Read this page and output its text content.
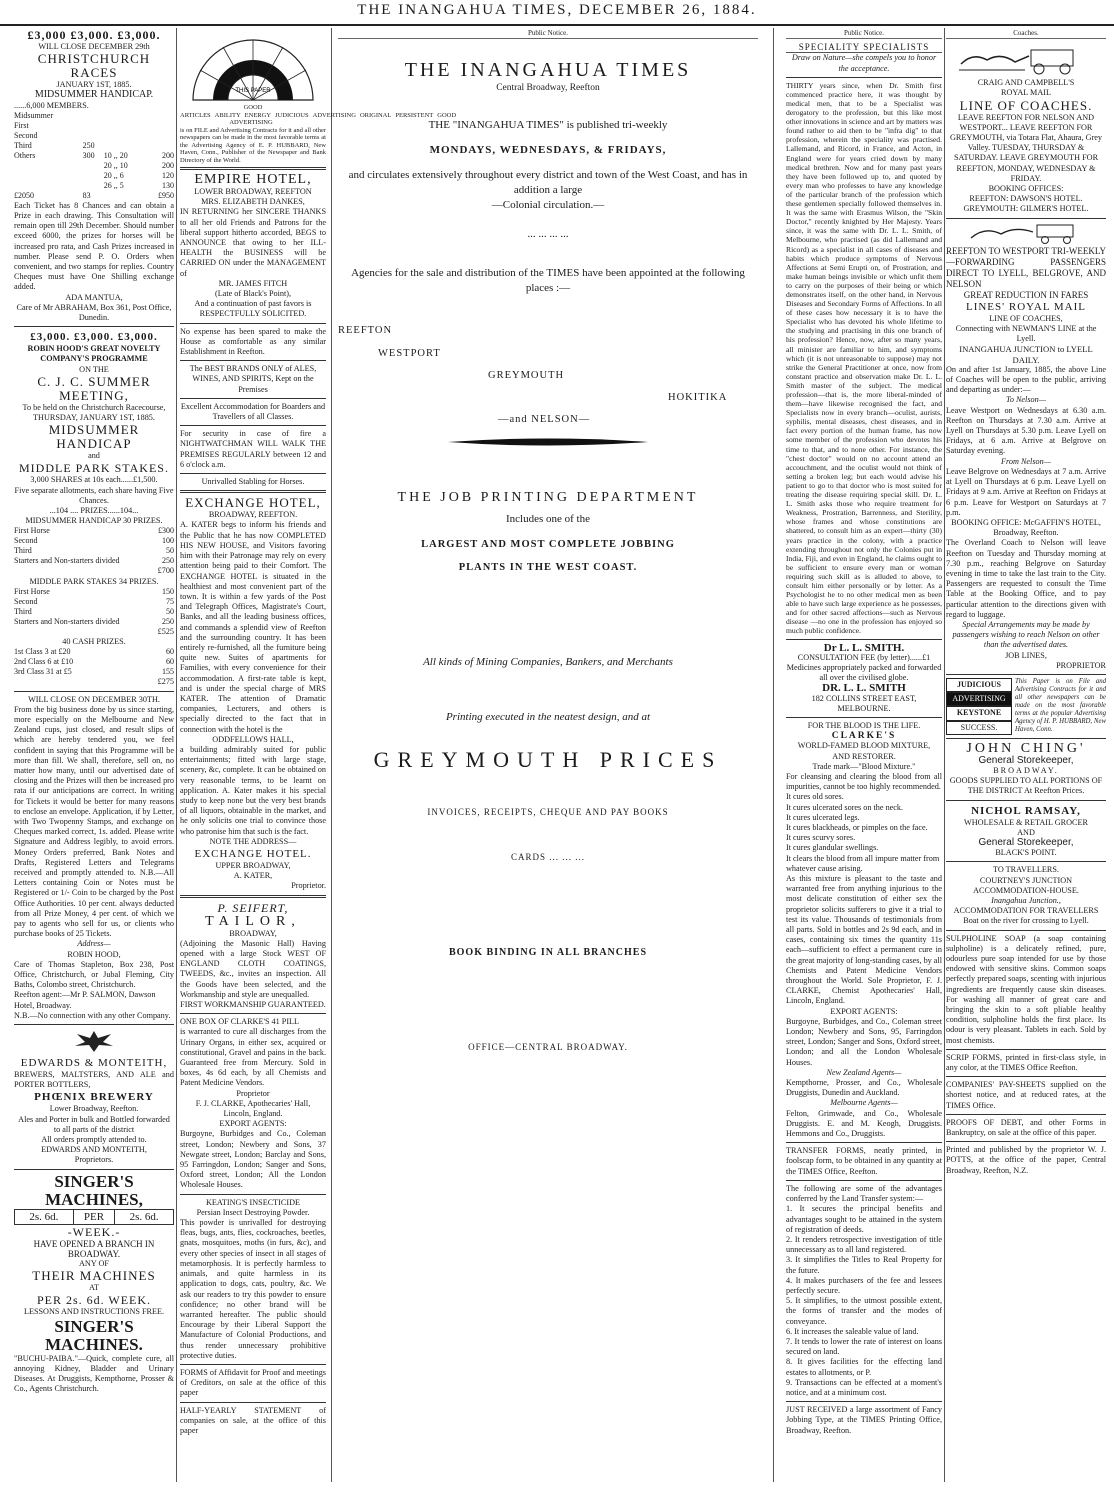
THE INANGAHUA TIMES, DECEMBER 26, 1884.
£3,000 £3,000. £3,000.
WILL CLOSE DECEMBER 29th
CHRISTCHURCH RACES
JANUARY 1ST, 1885.
MIDSUMMER HANDICAP.
......6,000 MEMBERS.
Midsummer			
First			
Second			
Third	250		
Others	300	10 ,, 20	200
		20 ,, 10	200
		20 ,, 6	120
		26 ,, 5	130
£2050	83		£950
Each Ticket has 8 Chances and can obtain a Prize in each drawing. This Consultation will remain open till 29th December. Should number exceed 6000, the prizes for horses will be increased pro rata, and Cash Prizes increased in number. Please send P. O. Orders when convenient, and two stamps for replies. Country Cheques must have One Shilling exchange added.
ADA MANTUA,
Care of Mr ABRAHAM, Box 361, Post Office, Dunedin.
£3,000. £3,000. £3,000.
ROBIN HOOD'S GREAT NOVELTY COMPANY'S PROGRAMME
ON THE
C. J. C. SUMMER MEETING,
To be held on the Christchurch Racecourse,
THURSDAY, JANUARY 1ST, 1885.
MIDSUMMER HANDICAP
and
MIDDLE PARK STAKES.
3,000 SHARES at 10s each......£1,500.
Five separate allotments, each share having Five Chances.
...104 .... PRIZES......104...
MIDSUMMER HANDICAP 30 PRIZES.
First Horse	£300
Second	100
Third	50
Starters and Non-starters divided	250
£700
MIDDLE PARK STAKES 34 PRIZES.
First Horse	150
Second	75
Third	50
Starters and Non-starters divided	250
£525
40 CASH PRIZES.
1st Class 3 at £20	60
2nd Class 6 at £10	60
3rd Class 31 at £5	155
£275
WILL CLOSE ON DECEMBER 30TH.
From the big business done by us since starting, more especially on the Melbourne and New Zealand cups, just closed, and result slips of which are hereby tendered you, we feel confident in saying that this Programme will be more than fill. We shall, therefore, sell on, no matter how many, until our advertised date of closing and the Prizes will then be increased pro rata if our anticipations are correct. In writing for Tickets it would be better for many reasons to enclose an envelope. Application, if by Letter, with Two Twopenny Stamps, and exchange on Cheques marked correct, 1s. added. Please write Signature and Address legibly, to avoid errors. Money Orders preferred, Bank Notes and Drafts, Registered Letters and Telegrams received and promptly attended to. N.B.—All Letters containing Coin or Notes must be Registered or 1/- Coin to be charged by the Post Office Authorities. 10 per cent. always deducted from all Prize Money, 4 per cent. of which we pay to agents who sell for us, or clients who purchase books of 25 Tickets.
Address—
ROBIN HOOD,
Care of Thomas Stapleton, Box 238, Post Office, Christchurch, or Jubal Fleming, City Baths, Colombo street, Christchurch.
Reefton agent:—Mr P. SALMON, Dawson Hotel, Broadway.
N.B.—No connection with any other Company.
EDWARDS & MONTEITH,
BREWERS, MALTSTERS, AND ALE and PORTER BOTTLERS,
PHŒNIX BREWERY
Lower Broadway, Reefton.
Ales and Porter in bulk and Bottled forwarded to all parts of the district
All orders promptly attended to.
EDWARDS AND MONTEITH,
Proprietors.
SINGER'S MACHINES,
2s. 6d.	PER	2s. 6d.
-WEEK.-
HAVE OPENED A BRANCH IN BROADWAY.
ANY OF
THEIR MACHINES
AT
PER 2s. 6d. WEEK.
LESSONS AND INSTRUCTIONS FREE.
SINGER'S MACHINES.
"BUCHU-PAIBA."—Quick, complete cure, all annoying Kidney, Bladder and Urinary Diseases. At Druggists, Kempthorne, Prosser & Co., Agents Christchurch.
THIS PAPER
GOOD ARTICLES ABILITY ENERGY JUDICIOUS ADVERTISING ORIGINAL PERSISTENT GOOD ADVERTISING
is on FILE and Advertising Contracts for it and all other newspapers can be made in the most favorable terms at the Advertising Agency of E. P. HUBBARD, New Haven, Conn., Publisher of the Newspaper and Bank Directory of the World.
EMPIRE HOTEL,
LOWER BROADWAY, REEFTON
MRS. ELIZABETH DANKES,
IN RETURNING her SINCERE THANKS to all her old Friends and Patrons for the liberal support hitherto accorded, BEGS to ANNOUNCE that owing to her ILL-HEALTH the BUSINESS will be CARRIED ON under the MANAGEMENT of
MR. JAMES FITCH
(Late of Black's Point),
And a continuation of past favors is RESPECTFULLY SOLICITED.
No expense has been spared to make the House as comfortable as any similar Establishment in Reefton.
The BEST BRANDS ONLY of ALES, WINES, AND SPIRITS, Kept on the Premises
Excellent Accommodation for Boarders and Travellers of all Classes.
For security in case of fire a NIGHTWATCHMAN WILL WALK THE PREMISES REGULARLY between 12 and 6 o'clock a.m.
Unrivalled Stabling for Horses.
EXCHANGE HOTEL,
BROADWAY, REEFTON.
A. KATER begs to inform his friends and the Public that he has now COMPLETED HIS NEW HOUSE, and Visitors favoring him with their Patronage may rely on every attention being paid to their Comfort. The EXCHANGE HOTEL is situated in the healthiest and most convenient part of the town. It is within a few yards of the Post and Telegraph Offices, Magistrate's Court, Banks, and all the leading business offices, and commands a splendid view of Reefton and the surrounding country. It has been entirely re-furnished, all the furniture being quite new. Suites of apartments for Families, with every convenience for their accommodation. A first-rate table is kept, and is under the special charge of MRS KATER. The attention of Dramatic companies, Lecturers, and others is specially directed to the fact that in connection with the hotel is the
ODDFELLOWS HALL,
a building admirably suited for public entertainments; fitted with large stage, scenery, &c, complete. It can be obtained on very reasonable terms, to be learnt on application. A. Kater makes it his special study to keep none but the very best brands of all liquors, obtainable in the market, and he only solicits one trial to convince those who patronise him that such is the fact.
NOTE THE ADDRESS—
EXCHANGE HOTEL.
UPPER BROADWAY,
A. KATER,
Proprietor.
P. SEIFERT,
TAILOR,
BROADWAY,
(Adjoining the Masonic Hall) Having opened with a large Stock WEST OF ENGLAND CLOTH COATINGS, TWEEDS, &c., invites an inspection. All the Goods have been selected, and the Workmanship and style are unequalled.
FIRST WORKMANSHIP GUARANTEED.
ONE BOX OF CLARKE'S 41 PILL
is warranted to cure all discharges from the Urinary Organs, in either sex, acquired or constitutional, Gravel and pains in the back. Guaranteed free from Mercury. Sold in boxes, 4s 6d each, by all Chemists and Patent Medicine Vendors.
Proprietor
F. J. CLARKE, Apothecaries' Hall,
Lincoln, England.
EXPORT AGENTS:
Burgoyne, Burbidges and Co., Coleman street, London; Newbery and Sons, 37 Newgate street, London; Barclay and Sons, 95 Farringdon, London; Sanger and Sons, Oxford street, London; All the London Wholesale Houses.
KEATING'S INSECTICIDE
Persian Insect Destroying Powder.
This powder is unrivalled for destroying fleas, bugs, ants, flies, cockroaches, beetles, gnats, mosquitoes, moths (in furs, &c), and every other species of insect in all stages of metamorphosis. It is perfectly harmless to animals, and quite harmless in its application to dogs, cats, poultry, &c. We ask our readers to try this powder to ensure confidence; no other brand will be warranted hereafter. The public should Encourage by their Liberal Support the Manufacture of Colonial Productions, and thus render unnecessary prohibitive protective duties.
FORMS of Affidavit for Proof and meetings of Creditors, on sale at the office of this paper
HALF-YEARLY STATEMENT of companies on sale, at the office of this paper
Public Notice.
THE INANGAHUA TIMES
Central Broadway, Reefton
THE "INANGAHUA TIMES" is published tri-weekly
MONDAYS, WEDNESDAYS, & FRIDAYS,
and circulates extensively throughout every district and town of the West Coast, and has in addition a large
—Colonial circulation.—
... ... ... ...
Agencies for the sale and distribution of the TIMES have been appointed at the following places :—
REEFTON
WESTPORT
GREYMOUTH
HOKITIKA
—and NELSON—
THE JOB PRINTING DEPARTMENT
Includes one of the
LARGEST AND MOST COMPLETE JOBBING
PLANTS IN THE WEST COAST.
All kinds of Mining Companies, Bankers, and Merchants
Printing executed in the neatest design, and at
GREYMOUTH PRICES
INVOICES, RECEIPTS, CHEQUE AND PAY BOOKS
CARDS ... ... ...
BOOK BINDING IN ALL BRANCHES
OFFICE—CENTRAL BROADWAY.
Public Notice.
SPECIALITY SPECIALISTS
Draw on Nature—she compels you to honor the acceptance.
THIRTY years since, when Dr. Smith first commenced practice here, it was thought by medical men, that to be a Specialist was derogatory to the profession, but this like most other innovations in science and art by matters was found rather to aid then to be "infra dig" to that profession, wherein the speciality was practised. Lallemand, and Ricord, in France, and Acton, in England were for years cried down by many medical brethren. Now and for many past years they have been followed up to, and quoted by every man who professes to have any knowledge of the particular branch of the profession which these gentlemen specially followed themselves in. It was the same with Erasmus Wilson, the "Skin Doctor," recently knighted by Her Majesty. Years since, it was the same with Dr. L. L. Smith, of Melbourne, who practised (as did Lallemand and Ricord) as a specialist in all cases of diseases and habits which produce symptoms of Nervous Affections at Semi Erupti on, of Prostration, and make human beings invisible or which unfit them to carry on the purposes of their being or which demonstrates itself, on the other hand, in Nervous Diseases and Secondary Forms of Affections. In all of these cases how necessary it is to have the Specialist who has devoted his whole lifetime to the studying and practising in this one branch of his profession? Hence, now, after so many years, all minister are familiar to him, and symptoms which (it is not unreasonable to suppose) may not strike the General Practitioner at once, now from constant practice and observation make Dr. L. L. Smith master of the subject. The medical profession—that is, the more liberal-minded of them—have likewise recognised the fact, and Specialists now in every branch—oculist, aurists, syphilis, mental diseases, chest diseases, and in fact every portion of the human frame, has now some member of the profession who devotes his time to that, and to none other. For instance, the "chest doctor" would on no account attend an accouchment, and the oculist would not think of setting a broken leg; but each would advise his patient to go to that doctor who is most suited for treating the disease requiring special skill. Dr. L. L. Smith asks those who require treatment for Weakness, Prostration, Barrenness, and Sterility, whose frames and whose constitutions are shattered, to consult him as an expert—thirty (30) years practice in the colony, with a practice extending throughout not only the Colonies put in India, Fiji, and even in England, he claims ought to be sufficient to ensure every man or woman requiring such skill as is alluded to above, to consult him either personally or by letter. As a Psychologist he to no other medical men as been able to have such large experience as he possesses, and for other sacred affections—such as Nervous disease —no one in the profession has enjoyed so much public confidence.
Dr L. L. SMITH.
CONSULTATION FEE (by letter)......£1
Medicines appropriately packed and forwarded all over the civilised globe.
DR. L. L. SMITH
182 COLLINS STREET EAST, MELBOURNE.
FOR THE BLOOD IS THE LIFE.
CLARKE'S
WORLD-FAMED BLOOD MIXTURE,
AND RESTORER.
Trade mark—"Blood Mixture."
For cleansing and clearing the blood from all impurities, cannot be too highly recommended.
It cures old sores.
It cures ulcerated sores on the neck.
It cures ulcerated legs.
It cures blackheads, or pimples on the face.
It cures scurvy sores.
It cures glandular swellings.
It clears the blood from all impure matter from whatever cause arising.
As this mixture is pleasant to the taste and warranted free from anything injurious to the most delicate constitution of either sex the proprietor solicits sufferers to give it a trial to test its value. Thousands of testimonials from all parts. Sold in bottles and 2s 9d each, and in cases, containing six times the quantity 11s each—sufficient to effect a permanent cure in the great majority of long-standing cases, by all Chemists and Patent Medicine Vendors throughout the World. Sole Proprietor, F. J. CLARKE, Chemist Apothecaries' Hall, Lincoln, England.
EXPORT AGENTS:
Burgoyne, Burbidges, and Co., Coleman street London; Newbery and Sons, 95, Farringdon street, London; Sanger and Sons, Oxford street, London; and all the London Wholesale Houses.
New Zealand Agents—
Kempthorne, Prosser, and Co., Wholesale Druggists, Dunedin and Auckland.
Melbourne Agents—
Felton, Grimwade, and Co., Wholesale Druggists. E. and M. Keogh, Druggists. Hemmons and Co., Druggists.
TRANSFER FORMS, neatly printed, in foolscap form, to be obtained in any quantity at the TIMES Office, Reefton.
The following are some of the advantages conferred by the Land Transfer system:—
1. It secures the principal benefits and advantages sought to be attained in the system of registration of deeds.
2. It renders retrospective investigation of title unnecessary as to all land registered.
3. It simplifies the Titles to Real Property for the future.
4. It makes purchasers of the fee and lessees perfectly secure.
5. It simplifies, to the utmost possible extent, the forms of transfer and the modes of conveyance.
6. It increases the saleable value of land.
7. It tends to lower the rate of interest on loans secured on land.
8. It gives facilities for the effecting land estates to allotments, or P.
9. Transactions can be effected at a moment's notice, and at a minimum cost.
JUST RECEIVED a large assortment of Fancy Jobbing Type, at the TIMES Printing Office, Broadway, Reefton.
Coaches.
CRAIG AND CAMPBELL'S
ROYAL MAIL
LINE OF COACHES.
LEAVE REEFTON FOR NELSON AND WESTPORT... LEAVE REEFTON FOR GREYMOUTH, via Totara Flat, Ahaura, Grey Valley. TUESDAY, THURSDAY & SATURDAY. LEAVE GREYMOUTH FOR REEFTON, MONDAY, WEDNESDAY & FRIDAY.
BOOKING OFFICES:
REEFTON: DAWSON'S HOTEL. GREYMOUTH: GILMER'S HOTEL.
REEFTON TO WESTPORT TRI-WEEKLY—FORWARDING PASSENGERS DIRECT TO LYELL, BELGROVE, AND NELSON
GREAT REDUCTION IN FARES
LINES' ROYAL MAIL
LINE OF COACHES,
Connecting with NEWMAN'S LINE at the Lyell.
INANGAHUA JUNCTION to LYELL DAILY.
On and after 1st January, 1885, the above Line of Coaches will be open to the public, arriving and departing as under:—
To Nelson—
Leave Westport on Wednesdays at 6.30 a.m. Reefton on Thursdays at 7.30 a.m. Arrive at Lyell on Thursdays at 5.30 p.m. Leave Lyell on Fridays, at 6 a.m. Arrive at Belgrove on Saturday evening.
From Nelson—
Leave Belgrove on Wednesdays at 7 a.m. Arrive at Lyell on Thursdays at 6 p.m. Leave Lyell on Fridays at 9 a.m. Arrive at Reefton on Fridays at 6 p.m. Leave for Westport on Saturdays at 7 p.m.
BOOKING OFFICE: McGAFFIN'S HOTEL,
Broadway, Reefton.
The Overland Coach to Nelson will leave Reefton on Tuesday and Thursday morning at 7.30 p.m., reaching Belgrove on Saturday evening in time to take the last train to the City. Passengers are requested to consult the Time Table at the Booking Office, and to pay particular attention to the directions given with regard to luggage.
Special Arrangements may be made by passengers wishing to reach Nelson on other than the advertised dates.
JOB LINES,
PROPRIETOR
JUDICIOUS
ADVERTISING
KEYSTONE
SUCCESS.
This Paper is on File and Advertising Contracts for it and all other newspapers can be made on the most favorable terms at the popular Advertising Agency of H. P. HUBBARD, New Haven, Conn.
JOHN CHING'
General Storekeeper,
BROADWAY.
GOODS SUPPLIED TO ALL PORTIONS OF THE DISTRICT At Reefton Prices.
NICHOL RAMSAY,
WHOLESALE & RETAIL GROCER
AND
General Storekeeper,
BLACK'S POINT.
TO TRAVELLERS.
COURTNEY'S JUNCTION ACCOMMODATION-HOUSE.
Inangahua Junction.,
ACCOMMODATION FOR TRAVELLERS
Boat on the river for crossing to Lyell.
SULPHOLINE SOAP (a soap containing sulpholine) is a delicately refined, pure, odourless pure soap intended for use by those endowed with sensitive skins. Common soaps perfectly prepared soaps, scenting with injurious ingredients are frequently cause skin diseases. For washing all manner of great care and bringing the skin to a soft pliable healthy condition, sulpholine holds the first place. Its odour is very pleasant. Tablets in each. Sold by most chemists.
SCRIP FORMS, printed in first-class style, in any color, at the TIMES Office Reefton.
COMPANIES' PAY-SHEETS supplied on the shortest notice, and at reduced rates, at the TIMES Office.
PROOFS OF DEBT, and other Forms in Bankruptcy, on sale at the office of this paper.
Printed and published by the proprietor W. J. POTTS, at the office of the paper, Central Broadway, Reefton, N.Z.
